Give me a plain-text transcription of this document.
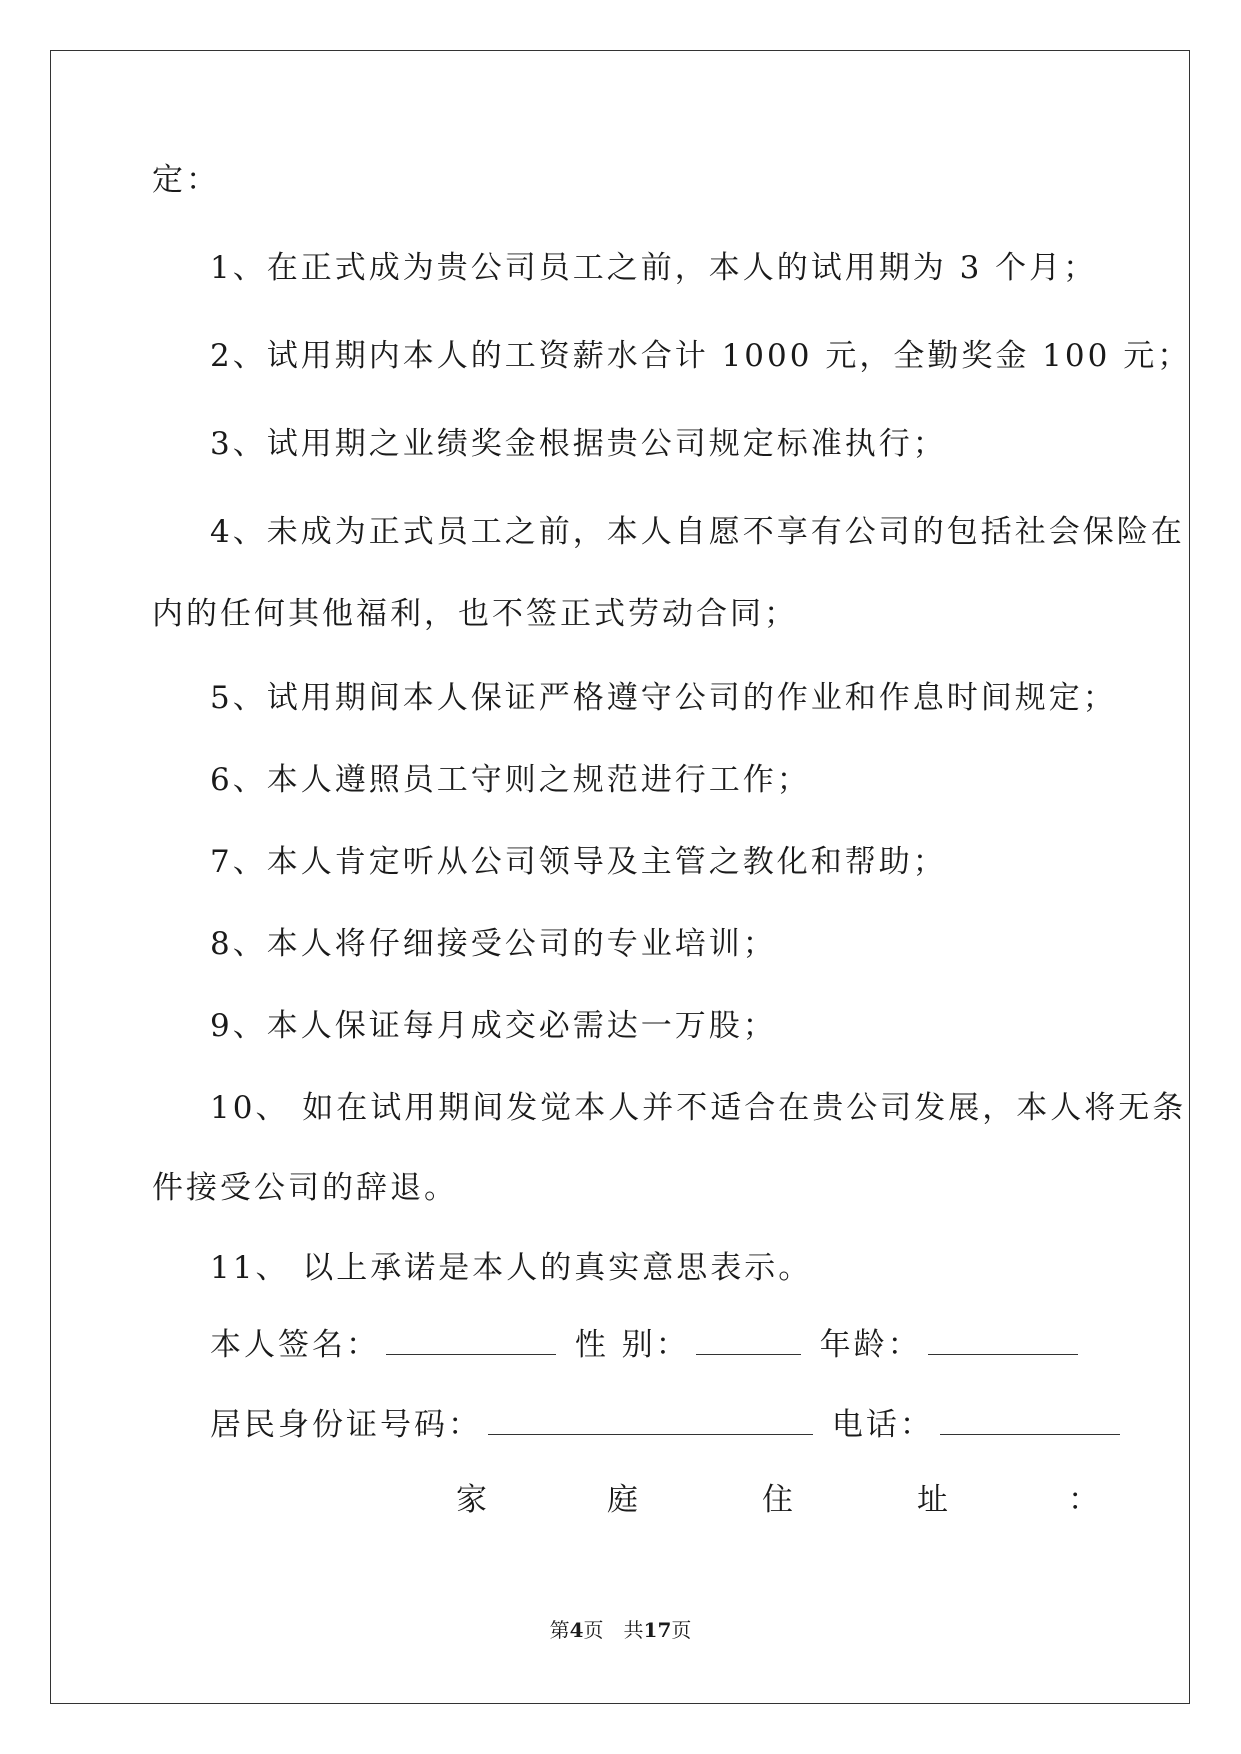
定：
1、在正式成为贵公司员工之前，本人的试用期为 3 个月；
2、试用期内本人的工资薪水合计 1000 元，全勤奖金 100 元；
3、试用期之业绩奖金根据贵公司规定标准执行；
4、未成为正式员工之前，本人自愿不享有公司的包括社会保险在
内的任何其他福利，也不签正式劳动合同；
5、试用期间本人保证严格遵守公司的作业和作息时间规定；
6、本人遵照员工守则之规范进行工作；
7、本人肯定听从公司领导及主管之教化和帮助；
8、本人将仔细接受公司的专业培训；
9、本人保证每月成交必需达一万股；
10、 如在试用期间发觉本人并不适合在贵公司发展，本人将无条
件接受公司的辞退。
11、 以上承诺是本人的真实意思表示。
本人签名：	性 别：	年龄：
居民身份证号码：	电话：
家	庭	住	址	：
第4页　共17页
